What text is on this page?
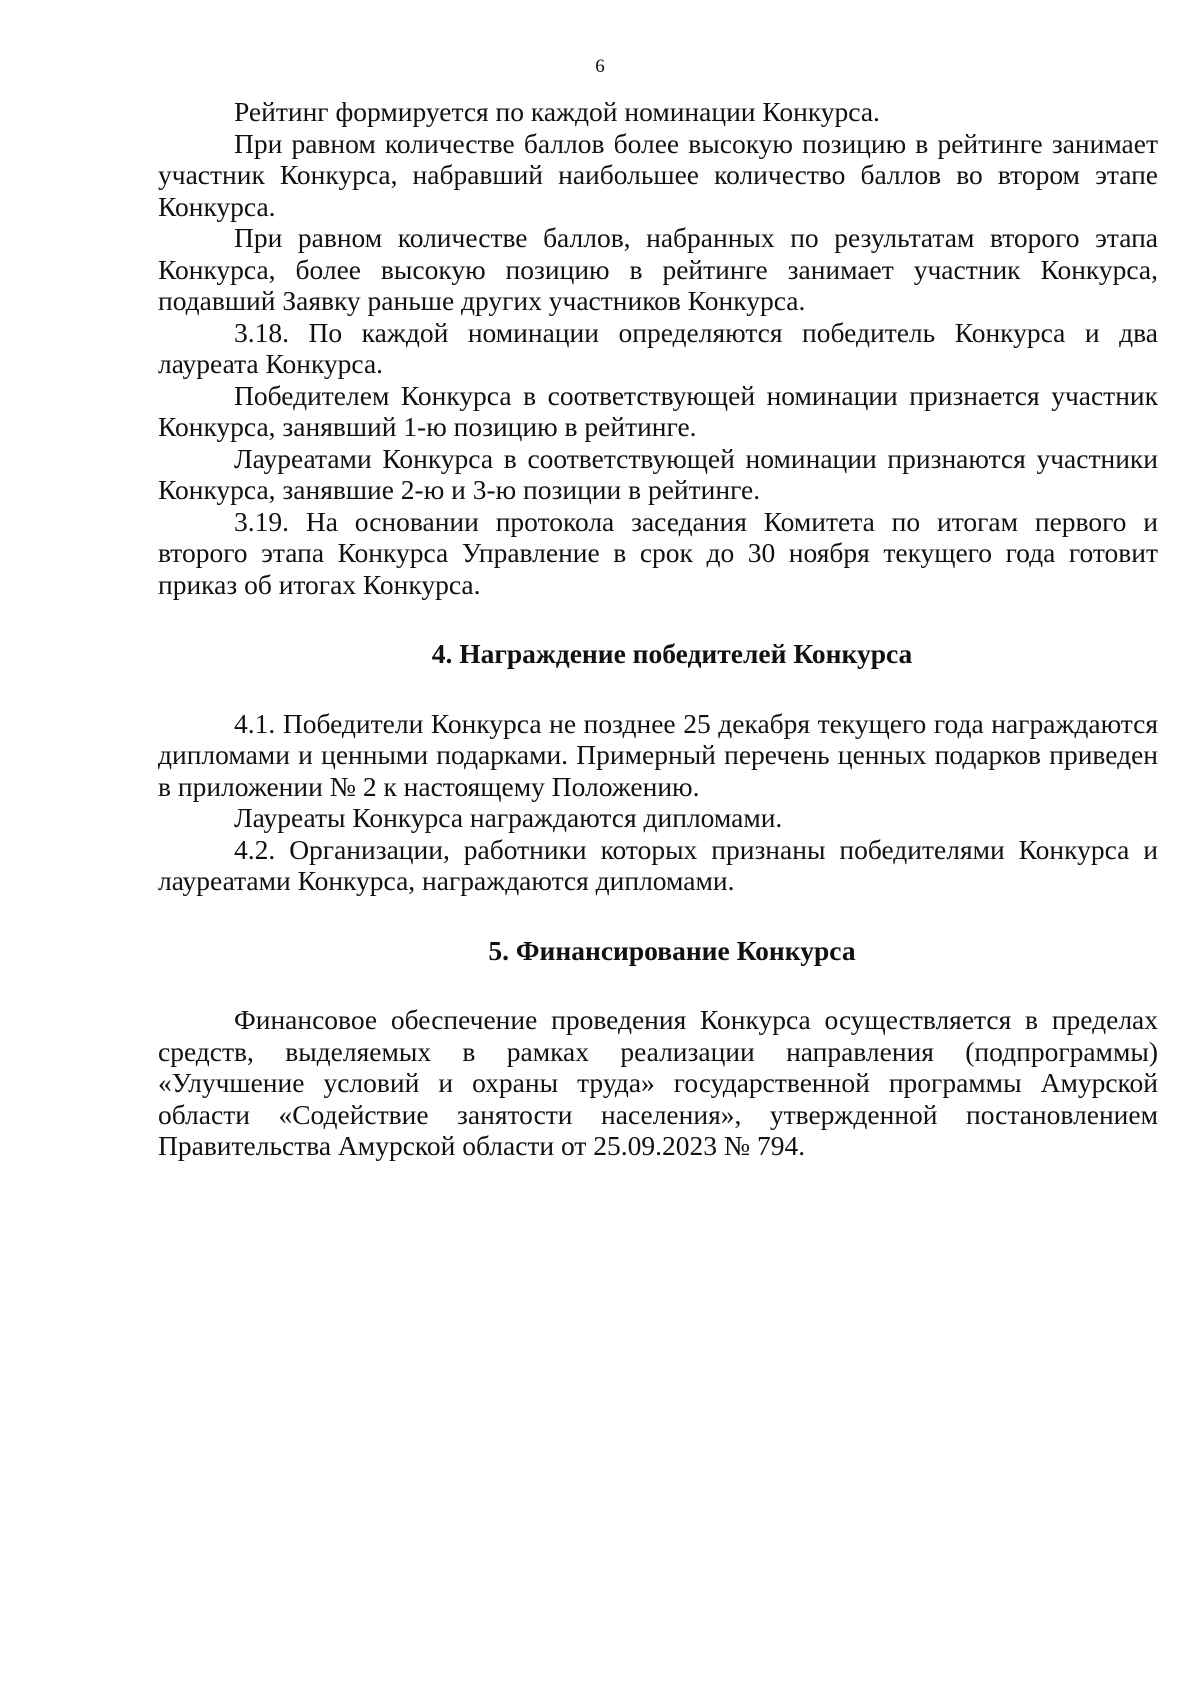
6

Рейтинг формируется по каждой номинации Конкурса.

При равном количестве баллов более высокую позицию в рейтинге занимает участник Конкурса, набравший наибольшее количество баллов во втором этапе Конкурса.

При равном количестве баллов, набранных по результатам второго этапа Конкурса, более высокую позицию в рейтинге занимает участник Конкурса, подавший Заявку раньше других участников Конкурса.

3.18. По каждой номинации определяются победитель Конкурса и два лауреата Конкурса.

Победителем Конкурса в соответствующей номинации признается участник Конкурса, занявший 1-ю позицию в рейтинге.

Лауреатами Конкурса в соответствующей номинации признаются участники Конкурса, занявшие 2-ю и 3-ю позиции в рейтинге.

3.19. На основании протокола заседания Комитета по итогам первого и второго этапа Конкурса Управление в срок до 30 ноября текущего года готовит приказ об итогах Конкурса.

4. Награждение победителей Конкурса

4.1. Победители Конкурса не позднее 25 декабря текущего года награждаются дипломами и ценными подарками. Примерный перечень ценных подарков приведен в приложении № 2 к настоящему Положению.

Лауреаты Конкурса награждаются дипломами.

4.2. Организации, работники которых признаны победителями Конкурса и лауреатами Конкурса, награждаются дипломами.

5. Финансирование Конкурса

Финансовое обеспечение проведения Конкурса осуществляется в пределах средств, выделяемых в рамках реализации направления (подпрограммы) «Улучшение условий и охраны труда» государственной программы Амурской области «Содействие занятости населения», утвержденной постановлением Правительства Амурской области от 25.09.2023 № 794.
